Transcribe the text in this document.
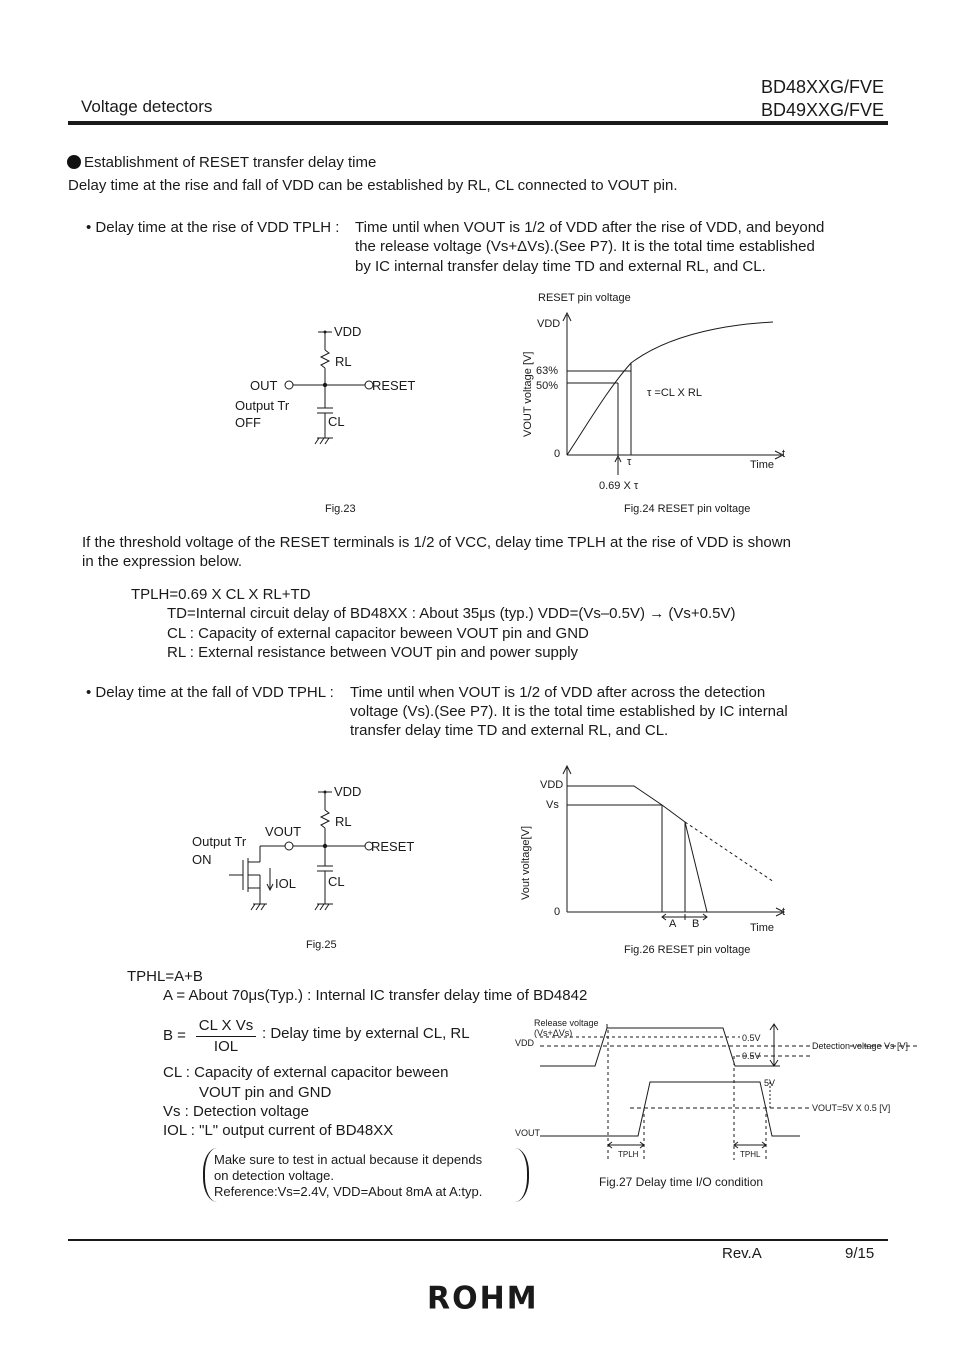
Voltage detectors
BD48XXG/FVE
BD49XXG/FVE
Establishment of RESET transfer delay time
Delay time at the rise and fall of VDD can be established by RL, CL connected to VOUT pin.
• Delay time at the rise of VDD TPLH : Time until when VOUT is 1/2 of VDD after the rise of VDD, and beyond
the release voltage (Vs+ΔVs).(See P7). It is the total time established
by IC internal transfer delay time TD and external RL, and CL.
VDD
RL
OUT	RESET
Output Tr
OFF	CL
Fig.23
RESET pin voltage
VDD
63%
50%
0
τ =CL X RL
τ
t
Time
0.69 X τ
Fig.24 RESET pin voltage
VOUT voltage [V]
If the threshold voltage of the RESET terminals is 1/2 of VCC, delay time TPLH at the rise of VDD is shown
in the expression below.
TPLH=0.69 X CL X RL+TD
TD=Internal circuit delay of BD48XX : About 35μs (typ.) VDD=(Vs–0.5V) → (Vs+0.5V)
CL : Capacity of external capacitor beween VOUT pin and GND
RL : External resistance between VOUT pin and power supply
• Delay time at the fall of VDD TPHL : Time until when VOUT is 1/2 of VDD after across the detection
voltage (Vs).(See P7). It is the total time established by IC internal
transfer delay time TD and external RL, and CL.
VDD
VOUT
RL
RESET
Output Tr
ON
IOL CL
Fig.25
VDD
Vs
0
A B
t
Time
Fig.26 RESET pin voltage
Vout voltage[V]
TPHL=A+B
A = About 70μs(Typ.) : Internal IC transfer delay time of BD4842
B =
CL X Vs
IOL
: Delay time by external CL, RL
CL : Capacity of external capacitor beween
VOUT pin and GND
Vs : Detection voltage
IOL : "L" output current of BD48XX
Make sure to test in actual because it depends
on detection voltage.
Reference:Vs=2.4V, VDD=About 8mA at A:typ.
Release voltage
(Vs+ΔVs)
VDD	0.5V
0.5V
Detection voltage Vs [V]
5V
VOUT=5V X 0.5 [V]
VOUT
TPLH	TPHL
Fig.27 Delay time I/O condition
Rev.A	9/15
ROHM
